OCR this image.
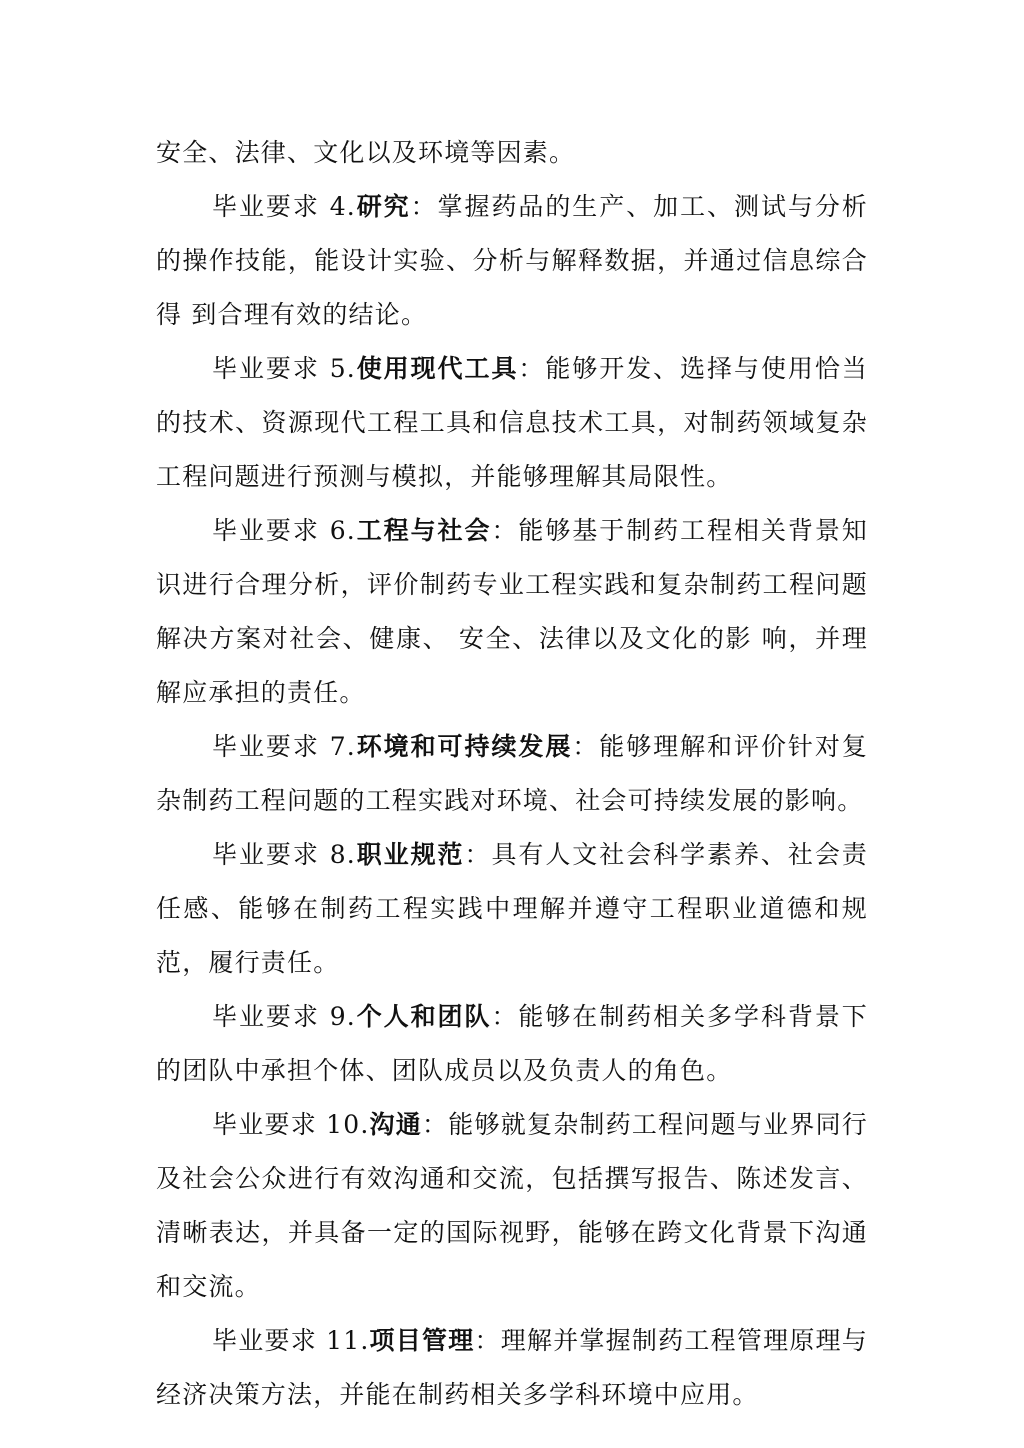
安全、法律、文化以及环境等因素。

毕业要求 4.研究：掌握药品的生产、加工、测试与分析的操作技能，能设计实验、分析与解释数据，并通过信息综合得 到合理有效的结论。

毕业要求 5.使用现代工具：能够开发、选择与使用恰当的技术、资源现代工程工具和信息技术工具，对制药领域复杂工程问题进行预测与模拟，并能够理解其局限性。

毕业要求 6.工程与社会：能够基于制药工程相关背景知识进行合理分析，评价制药专业工程实践和复杂制药工程问题解决方案对社会、健康、 安全、法律以及文化的影 响，并理解应承担的责任。

毕业要求 7.环境和可持续发展：能够理解和评价针对复杂制药工程问题的工程实践对环境、社会可持续发展的影响。

毕业要求 8.职业规范：具有人文社会科学素养、社会责任感、能够在制药工程实践中理解并遵守工程职业道德和规范，履行责任。

毕业要求 9.个人和团队：能够在制药相关多学科背景下的团队中承担个体、团队成员以及负责人的角色。

毕业要求 10.沟通：能够就复杂制药工程问题与业界同行及社会公众进行有效沟通和交流，包括撰写报告、陈述发言、清晰表达，并具备一定的国际视野，能够在跨文化背景下沟通和交流。

毕业要求 11.项目管理：理解并掌握制药工程管理原理与经济决策方法，并能在制药相关多学科环境中应用。
